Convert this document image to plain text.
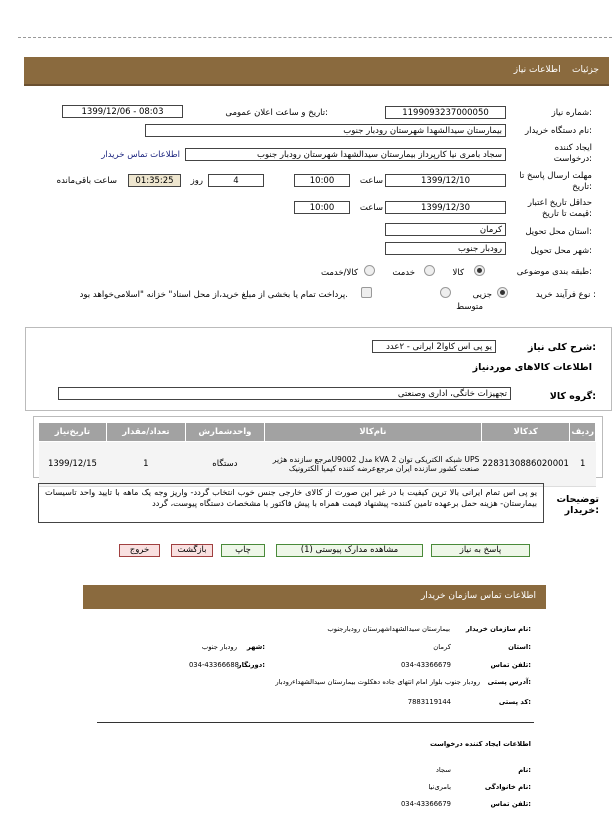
جزئیات    اطلاعات نیاز
شماره نیاز:
1199093237000050
تاریخ و ساعت اعلان عمومی:
1399/12/06 - 08:03
نام دستگاه خریدار:
بیمارستان سیدالشهدا شهرستان رودبار جنوب
ایجاد کننده درخواست:
سجاد بامری نیا کارپرداز بیمارستان سیدالشهدا شهرستان رودبار جنوب
اطلاعات تماس خریدار
مهلت ارسال پاسخ تا تاریخ:
1399/12/10
ساعت
10:00
4
روز
01:35:25
ساعت باقی‌مانده
حداقل تاریخ اعتبار قیمت تا تاریخ:
1399/12/30
ساعت
10:00
استان محل تحویل:
کرمان
شهر محل تحویل:
رودبار جنوب
طبقه بندی موضوعی:
کالا
خدمت
کالا/خدمت
نوع فرآیند خرید :
جزیی
متوسط
پرداخت تمام یا بخشی از مبلغ خرید،از محل اسناد" خزانه "اسلامی‌خواهد بود.
شرح کلی نیاز:
یو پی اس کاوا2 ایرانی - ۲عدد
اطلاعات کالاهای موردنیاز
گروه کالا:
تجهیزات خانگی، اداری وصنعتی
ردیف	کدکالا	نام‌کالا	واحدشمارش	تعداد/مقدار	تاریخ‌نیاز
1	2283130886020001	UPS شبکه الکتریکی توان 2 kVA مدل U9002مرجع سازنده هژیر صنعت کشور سازنده ایران مرجع‌عرضه کننده کیمیا الکترونیک	دستگاه	1	1399/12/15
توضیحات خریدار:
یو پی اس تمام ایرانی بالا ترین کیفیت با در غیر این صورت از کالای خارجی جنس خوب انتخاب گردد- واریز وجه یک ماهه با تایید واحد تاسیسات بیمارستان- هزینه حمل برعهده تامین کننده- پیشنهاد قیمت همراه با پیش فاکتور با مشخصات دستگاه پیوست، گردد
پاسخ به نیاز
مشاهده مدارک پیوستی (1)
چاپ
بازگشت
خروج
اطلاعات تماس سازمان خریدار
نام سازمان خریدار:
بیمارستان سیدالشهداشهرستان رودبارجنوب
استان:
کرمان
شهر:
رودبار جنوب
تلفن تماس:
034-43366679
دورنگار:
034-43366688
آدرس پستی:
رودبار جنوب بلوار امام انتهای جاده دهکلوت بیمارستان سیدالشهداءرودبار
کد پستی:
7883119144
اطلاعات ایجاد کننده درخواست
نام:
سجاد
نام خانوادگی:
بامری‌نیا
تلفن تماس:
034-43366679
